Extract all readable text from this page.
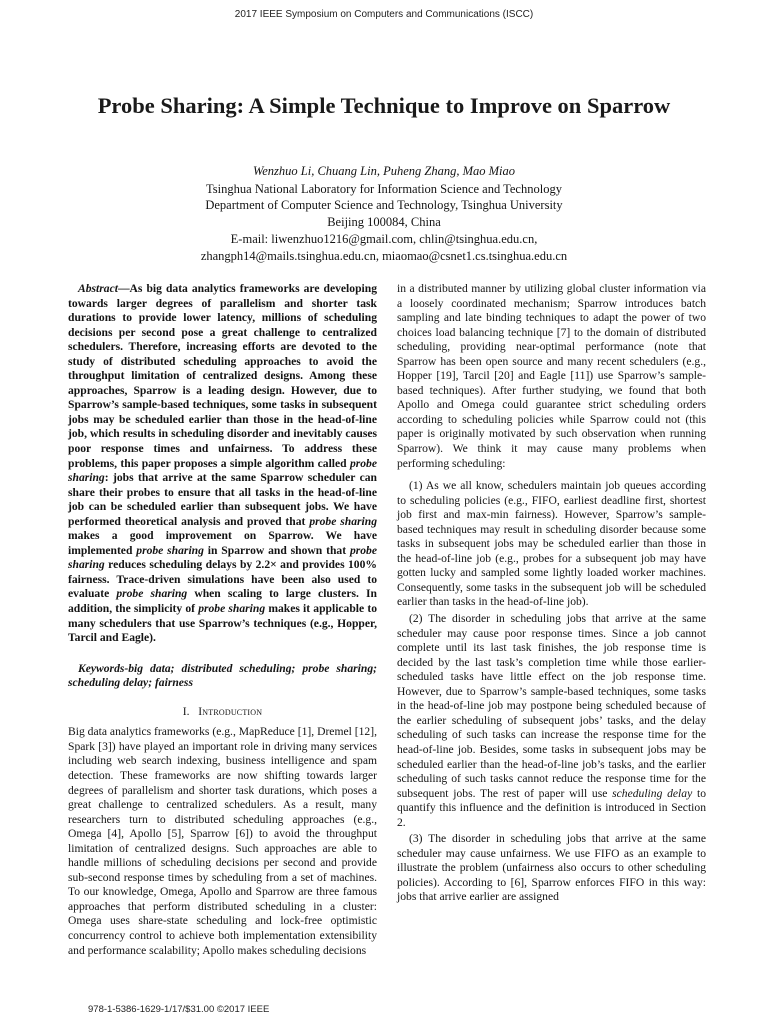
2017 IEEE Symposium on Computers and Communications (ISCC)
Probe Sharing: A Simple Technique to Improve on Sparrow
Wenzhuo Li, Chuang Lin, Puheng Zhang, Mao Miao
Tsinghua National Laboratory for Information Science and Technology
Department of Computer Science and Technology, Tsinghua University
Beijing 100084, China
E-mail: liwenzhuo1216@gmail.com, chlin@tsinghua.edu.cn,
zhangph14@mails.tsinghua.edu.cn, miaomao@csnet1.cs.tsinghua.edu.cn

Abstract—As big data analytics frameworks are developing towards larger degrees of parallelism and shorter task durations to provide lower latency, millions of scheduling decisions per second pose a great challenge to centralized schedulers. Therefore, increasing efforts are devoted to the study of distributed scheduling approaches to avoid the throughput limitation of centralized designs. Among these approaches, Sparrow is a leading design. However, due to Sparrow’s sample-based techniques, some tasks in subsequent jobs may be scheduled earlier than those in the head-of-line job, which results in scheduling disorder and inevitably causes poor response times and unfairness. To address these problems, this paper proposes a simple algorithm called probe sharing: jobs that arrive at the same Sparrow scheduler can share their probes to ensure that all tasks in the head-of-line job can be scheduled earlier than subsequent jobs. We have performed theoretical analysis and proved that probe sharing makes a good improvement on Sparrow. We have implemented probe sharing in Sparrow and shown that probe sharing reduces scheduling delays by 2.2× and provides 100% fairness. Trace-driven simulations have been also used to evaluate probe sharing when scaling to large clusters. In addition, the simplicity of probe sharing makes it applicable to many schedulers that use Sparrow’s techniques (e.g., Hopper, Tarcil and Eagle).

Keywords-big data; distributed scheduling; probe sharing; scheduling delay; fairness

I. Introduction

Big data analytics frameworks (e.g., MapReduce [1], Dremel [12], Spark [3]) have played an important role in driving many services including web search indexing, business intelligence and spam detection. These frameworks are now shifting towards larger degrees of parallelism and shorter task durations, which poses a great challenge to centralized schedulers. As a result, many researchers turn to distributed scheduling approaches (e.g., Omega [4], Apollo [5], Sparrow [6]) to avoid the throughput limitation of centralized designs. Such approaches are able to handle millions of scheduling decisions per second and provide sub-second response times by scheduling from a set of machines. To our knowledge, Omega, Apollo and Sparrow are three famous approaches that perform distributed scheduling in a cluster: Omega uses share-state scheduling and lock-free optimistic concurrency control to achieve both implementation extensibility and performance scalability; Apollo makes scheduling decisions

in a distributed manner by utilizing global cluster information via a loosely coordinated mechanism; Sparrow introduces batch sampling and late binding techniques to adapt the power of two choices load balancing technique [7] to the domain of distributed scheduling, providing near-optimal performance (note that Sparrow has been open source and many recent schedulers (e.g., Hopper [19], Tarcil [20] and Eagle [11]) use Sparrow’s sample-based techniques). After further studying, we found that both Apollo and Omega could guarantee strict scheduling orders according to scheduling policies while Sparrow could not (this paper is originally motivated by such observation when running Sparrow). We think it may cause many problems when performing scheduling:

(1) As we all know, schedulers maintain job queues according to scheduling policies (e.g., FIFO, earliest deadline first, shortest job first and max-min fairness). However, Sparrow’s sample-based techniques may result in scheduling disorder because some tasks in subsequent jobs may be scheduled earlier than those in the head-of-line job (e.g., probes for a subsequent job may have gotten lucky and sampled some lightly loaded worker machines. Consequently, some tasks in the subsequent job will be scheduled earlier than tasks in the head-of-line job).

(2) The disorder in scheduling jobs that arrive at the same scheduler may cause poor response times. Since a job cannot complete until its last task finishes, the job response time is decided by the last task’s completion time while those earlier-scheduled tasks have little effect on the job response time. However, due to Sparrow’s sample-based techniques, some tasks in the head-of-line job may postpone being scheduled because of the earlier scheduling of subsequent jobs’ tasks, and the delay scheduling of such tasks can increase the response time for the head-of-line job. Besides, some tasks in subsequent jobs may be scheduled earlier than the head-of-line job’s tasks, and the earlier scheduling of such tasks cannot reduce the response time for the subsequent jobs. The rest of paper will use scheduling delay to quantify this influence and the definition is introduced in Section 2.

(3) The disorder in scheduling jobs that arrive at the same scheduler may cause unfairness. We use FIFO as an example to illustrate the problem (unfairness also occurs to other scheduling policies). According to [6], Sparrow enforces FIFO in this way: jobs that arrive earlier are assigned

978-1-5386-1629-1/17/$31.00 ©2017 IEEE
